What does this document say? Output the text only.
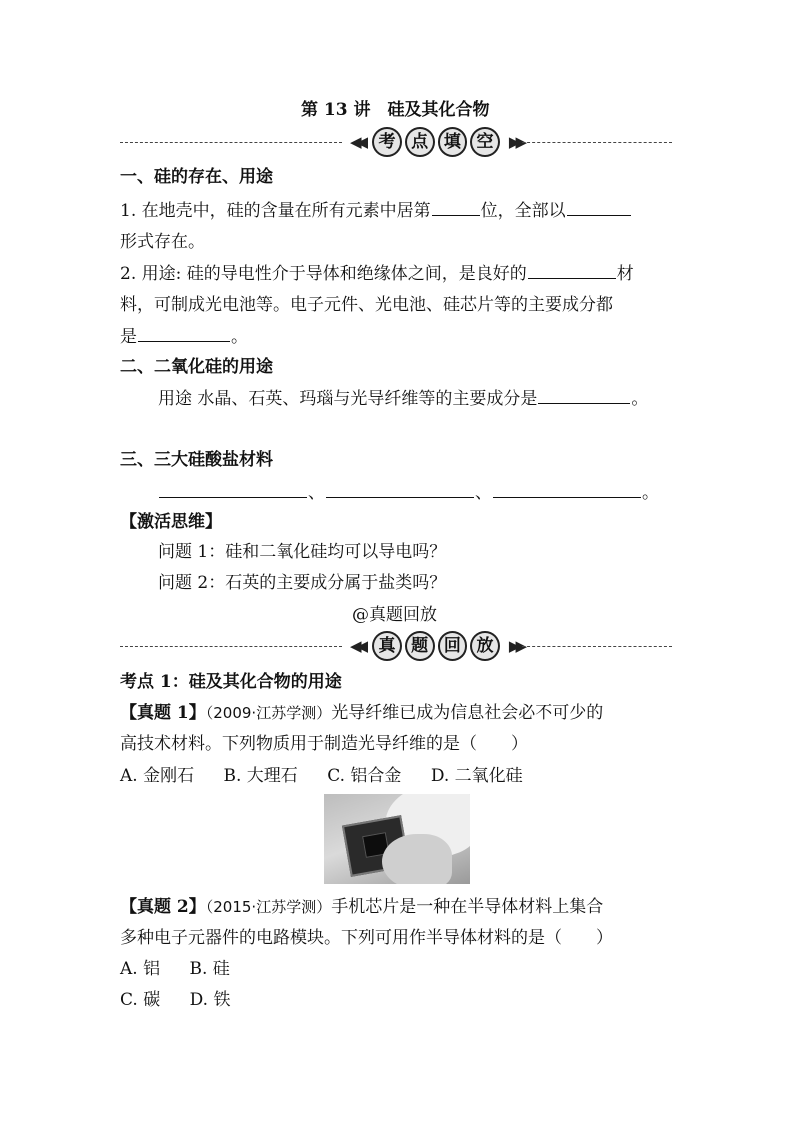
第 13 讲　硅及其化合物
◀◀ 考 点 填 空	▶▶
一、硅的存在、用途
1. 在地壳中，硅的含量在所有元素中居第	位，全部以
形式存在。
2. 用途: 硅的导电性介于导体和绝缘体之间，是良好的	材
料，可制成光电池等。电子元件、光电池、硅芯片等的主要成分都
是	。
二、二氧化硅的用途
用途 水晶、石英、玛瑙与光导纤维等的主要成分是	。
三、三大硅酸盐材料
、	、	。
【激活思维】
问题 1：硅和二氧化硅均可以导电吗？
问题 2：石英的主要成分属于盐类吗？
@真题回放
◀◀ 真 题 回 放	▶▶
考点 1：硅及其化合物的用途
【真题 1】（2009·江苏学测）光导纤维已成为信息社会必不可少的
高技术材料。下列物质用于制造光导纤维的是（　　）
A. 金刚石 B. 大理石 C. 铝合金 D. 二氧化硅
【真题 2】（2015·江苏学测）手机芯片是一种在半导体材料上集合
多种电子元器件的电路模块。下列可用作半导体材料的是（　　）
A. 铝 B. 硅
C. 碳 D. 铁
